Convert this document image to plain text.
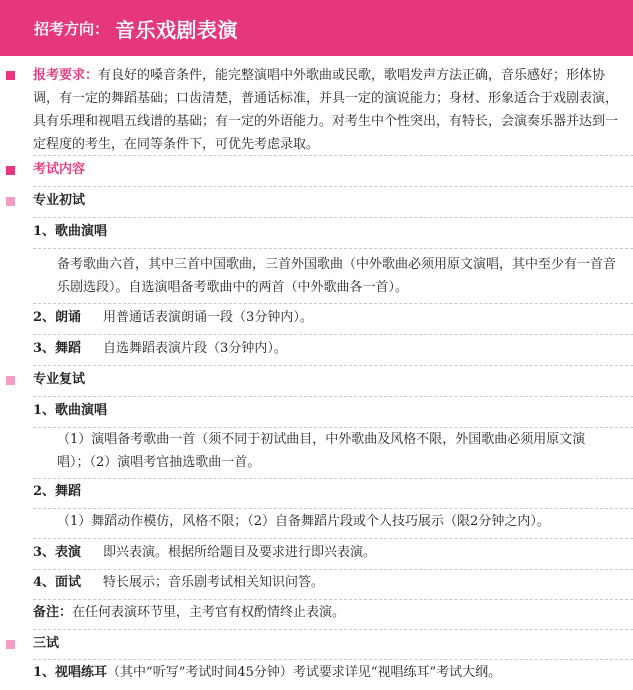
招考方向： 音乐戏剧表演
报考要求：有良好的嗓音条件，能完整演唱中外歌曲或民歌，歌唱发声方法正确，音乐感好；形体协调，有一定的舞蹈基础；口齿清楚，普通话标准，并具一定的演说能力；身材、形象适合于戏剧表演，具有乐理和视唱五线谱的基础；有一定的外语能力。对考生中个性突出，有特长，会演奏乐器并达到一定程度的考生，在同等条件下，可优先考虑录取。
考试内容
专业初试
1、歌曲演唱
备考歌曲六首，其中三首中国歌曲，三首外国歌曲（中外歌曲必须用原文演唱，其中至少有一首音乐剧选段）。自选演唱备考歌曲中的两首（中外歌曲各一首）。
2、朗诵 用普通话表演朗诵一段（3分钟内）。
3、舞蹈 自选舞蹈表演片段（3分钟内）。
专业复试
1、歌曲演唱
（1）演唱备考歌曲一首（须不同于初试曲目，中外歌曲及风格不限，外国歌曲必须用原文演唱）；（2）演唱考官抽选歌曲一首。
2、舞蹈
（1）舞蹈动作模仿，风格不限；（2）自备舞蹈片段或个人技巧展示（限2分钟之内）。
3、表演 即兴表演。根据所给题目及要求进行即兴表演。
4、面试 特长展示；音乐剧考试相关知识问答。
备注：在任何表演环节里，主考官有权酌情终止表演。
三试
1、视唱练耳（其中“听写”考试时间45分钟）考试要求详见“视唱练耳”考试大纲。
